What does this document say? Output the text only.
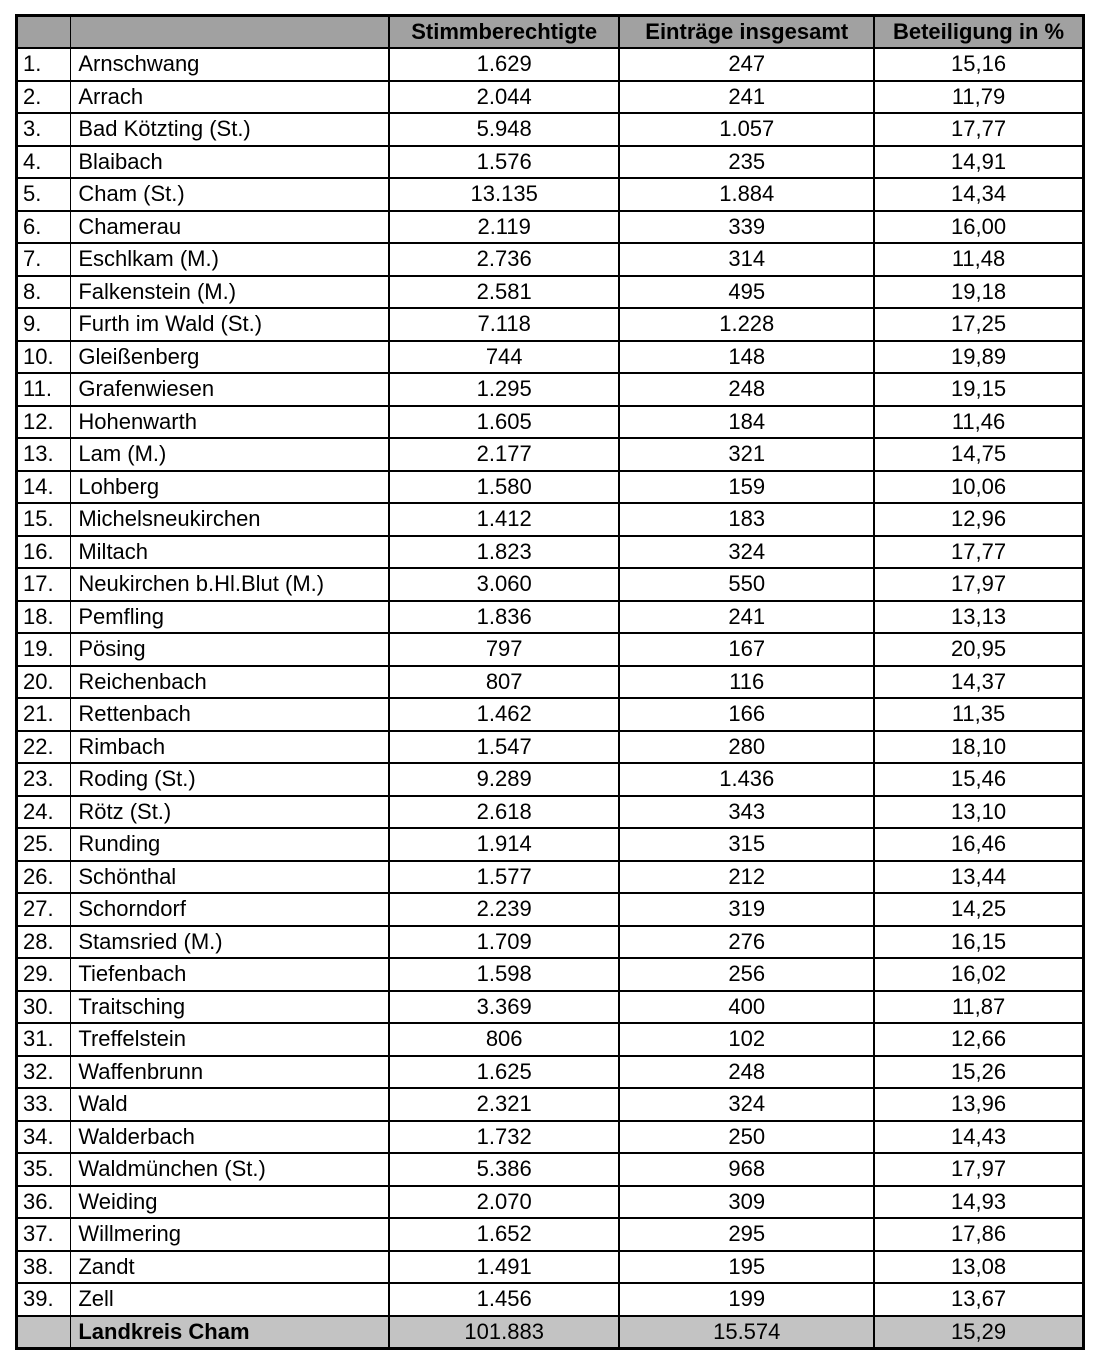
		Stimmberechtigte	Einträge insgesamt	Beteiligung in %
1.	Arnschwang	1.629	247	15,16
2.	Arrach	2.044	241	11,79
3.	Bad Kötzting (St.)	5.948	1.057	17,77
4.	Blaibach	1.576	235	14,91
5.	Cham (St.)	13.135	1.884	14,34
6.	Chamerau	2.119	339	16,00
7.	Eschlkam (M.)	2.736	314	11,48
8.	Falkenstein (M.)	2.581	495	19,18
9.	Furth im Wald (St.)	7.118	1.228	17,25
10.	Gleißenberg	744	148	19,89
11.	Grafenwiesen	1.295	248	19,15
12.	Hohenwarth	1.605	184	11,46
13.	Lam (M.)	2.177	321	14,75
14.	Lohberg	1.580	159	10,06
15.	Michelsneukirchen	1.412	183	12,96
16.	Miltach	1.823	324	17,77
17.	Neukirchen b.Hl.Blut (M.)	3.060	550	17,97
18.	Pemfling	1.836	241	13,13
19.	Pösing	797	167	20,95
20.	Reichenbach	807	116	14,37
21.	Rettenbach	1.462	166	11,35
22.	Rimbach	1.547	280	18,10
23.	Roding (St.)	9.289	1.436	15,46
24.	Rötz (St.)	2.618	343	13,10
25.	Runding	1.914	315	16,46
26.	Schönthal	1.577	212	13,44
27.	Schorndorf	2.239	319	14,25
28.	Stamsried (M.)	1.709	276	16,15
29.	Tiefenbach	1.598	256	16,02
30.	Traitsching	3.369	400	11,87
31.	Treffelstein	806	102	12,66
32.	Waffenbrunn	1.625	248	15,26
33.	Wald	2.321	324	13,96
34.	Walderbach	1.732	250	14,43
35.	Waldmünchen (St.)	5.386	968	17,97
36.	Weiding	2.070	309	14,93
37.	Willmering	1.652	295	17,86
38.	Zandt	1.491	195	13,08
39.	Zell	1.456	199	13,67
	Landkreis Cham	101.883	15.574	15,29
